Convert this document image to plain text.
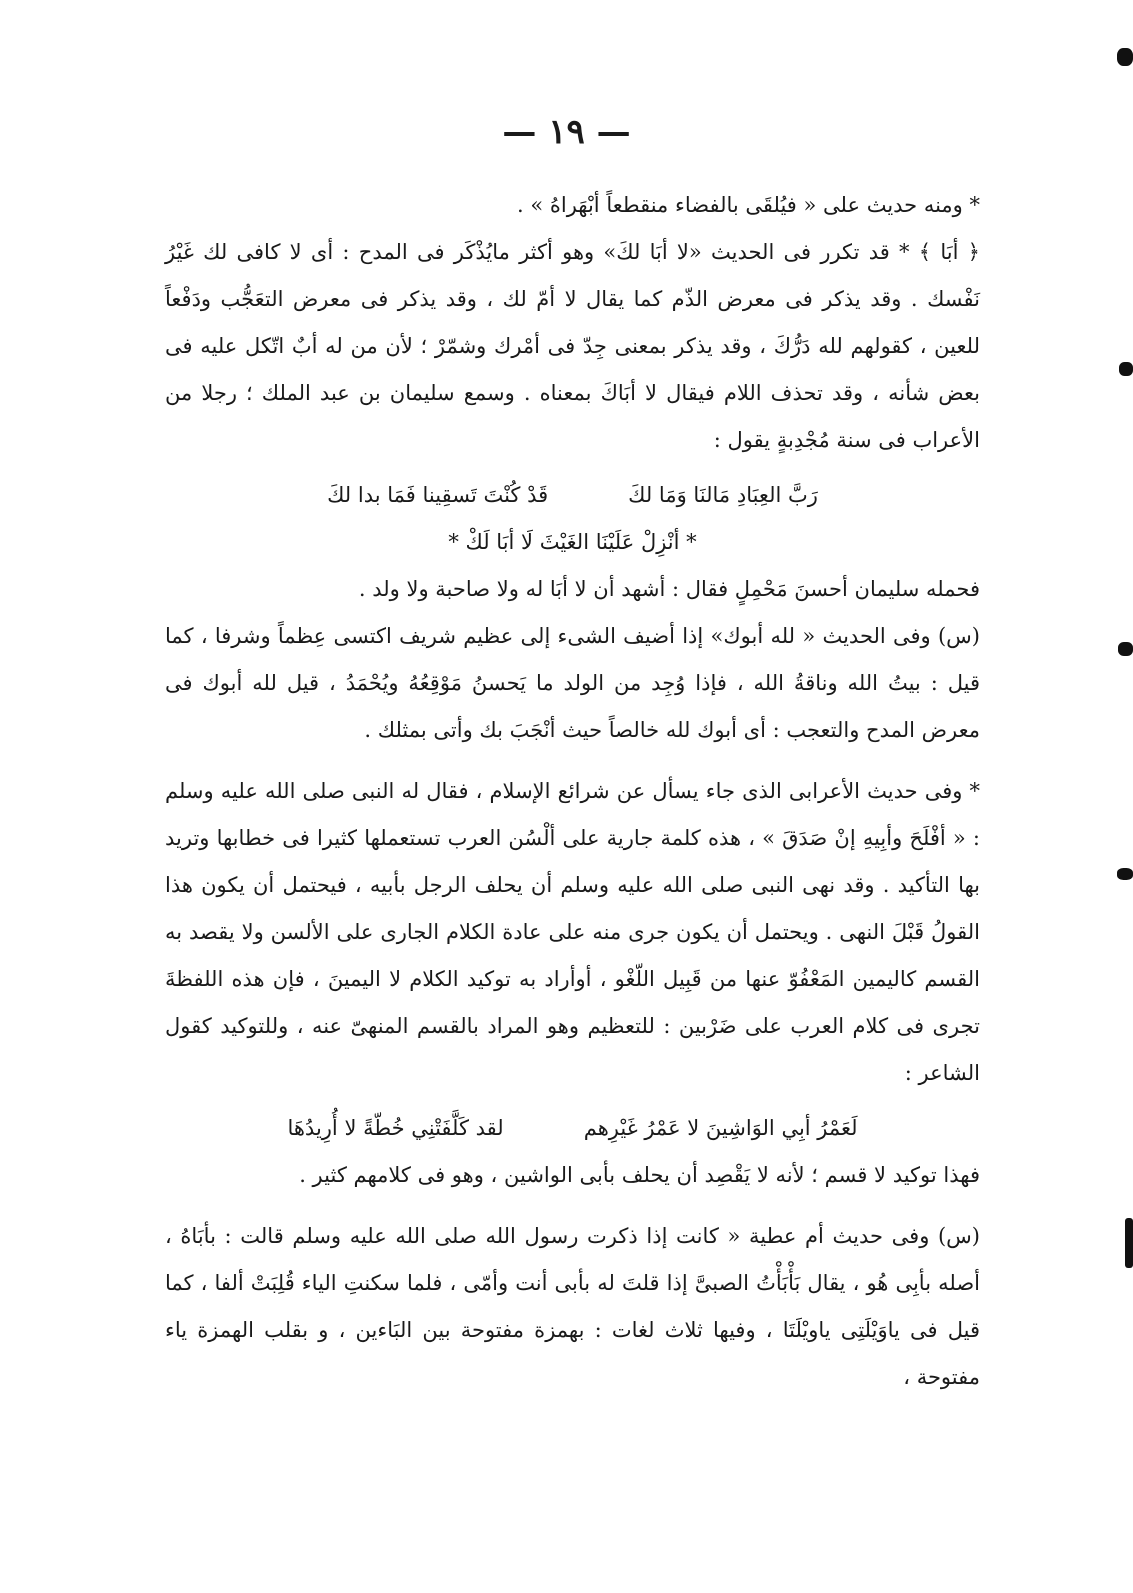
— ١٩ —

* ومنه حديث على « فيُلقَى بالفضاء منقطعاً أبْهَراهُ » .

﴿ أبَا ﴾ * قد تكرر فى الحديث «لا أبَا لكَ» وهو أكثر مايُذْكَر فى المدح : أى لا كافى لك غَيْرُ نَفْسك . وقد يذكر فى معرض الذّم كما يقال لا أمّ لك ، وقد يذكر فى معرض التعَجُّب ودَفْعاً للعين ، كقولهم لله دَرُّكَ ، وقد يذكر بمعنى جِدّ فى أمْرك وشمّرْ ؛ لأن من له أبٌ اتّكل عليه فى بعض شأنه ، وقد تحذف اللام فيقال لا أبَاكَ بمعناه . وسمع سليمان بن عبد الملك ؛ رجلا من الأعراب فى سنة مُجْدِبةٍ يقول :

رَبَّ العِبَادِ مَالنَا وَمَا لكَ
قَدْ كُنْتَ تَسقِينا فَمَا بدا لكَ

* أنْزِلْ عَلَيْنَا الغَيْثَ لَا أبَا لَكْ *

فحمله سليمان أحسنَ مَحْمِلٍ فقال : أشهد أن لا أبَا له ولا صاحبة ولا ولد .

(س) وفى الحديث « لله أبوك» إذا أضيف الشىء إلى عظيم شريف اكتسى عِظماً وشرفا ، كما قيل : بيتُ الله وناقةُ الله ، فإذا وُجِد من الولد ما يَحسنُ مَوْقِعُهُ ويُحْمَدُ ، قيل لله أبوك فى معرض المدح والتعجب : أى أبوك لله خالصاً حيث أنْجَبَ بك وأتى بمثلك .

* وفى حديث الأعرابى الذى جاء يسأل عن شرائع الإسلام ، فقال له النبى صلى الله عليه وسلم : « أفْلَحَ وأبِيهِ إنْ صَدَقَ » ، هذه كلمة جارية على ألْسُن العرب تستعملها كثيرا فى خطابها وتريد بها التأكيد . وقد نهى النبى صلى الله عليه وسلم أن يحلف الرجل بأبيه ، فيحتمل أن يكون هذا القولُ قَبْلَ النهى . ويحتمل أن يكون جرى منه على عادة الكلام الجارى على الألسن ولا يقصد به القسم كاليمين المَعْفُوّ عنها من قَبِيل اللّغْو ، أوأراد به توكيد الكلام لا اليمينَ ، فإن هذه اللفظةَ تجرى فى كلام العرب على ضَرْبين : للتعظيم وهو المراد بالقسم المنهىّ عنه ، وللتوكيد كقول الشاعر :

لَعَمْرُ أبِي الوَاشِينَ لا عَمْرُ غَيْرِهم
لقد كَلَّفَتْنِي خُطّةً لا أُرِيدُهَا

فهذا توكيد لا قسم ؛ لأنه لا يَقْصِد أن يحلف بأبى الواشين ، وهو فى كلامهم كثير .

(س) وفى حديث أم عطية « كانت إذا ذكرت رسول الله صلى الله عليه وسلم قالت : بأبَاهُ ، أصله بأبِى هُو ، يقال بَأْبَأْتُ الصبىَّ إذا قلتَ له بأبى أنت وأمّى ، فلما سكنتِ الياء قُلِبَتْ ألفا ، كما قيل فى ياوَيْلَتِى ياويْلَتَا ، وفيها ثلاث لغات : بهمزة مفتوحة بين البَاءين ، و بقلب الهمزة ياء مفتوحة ،
